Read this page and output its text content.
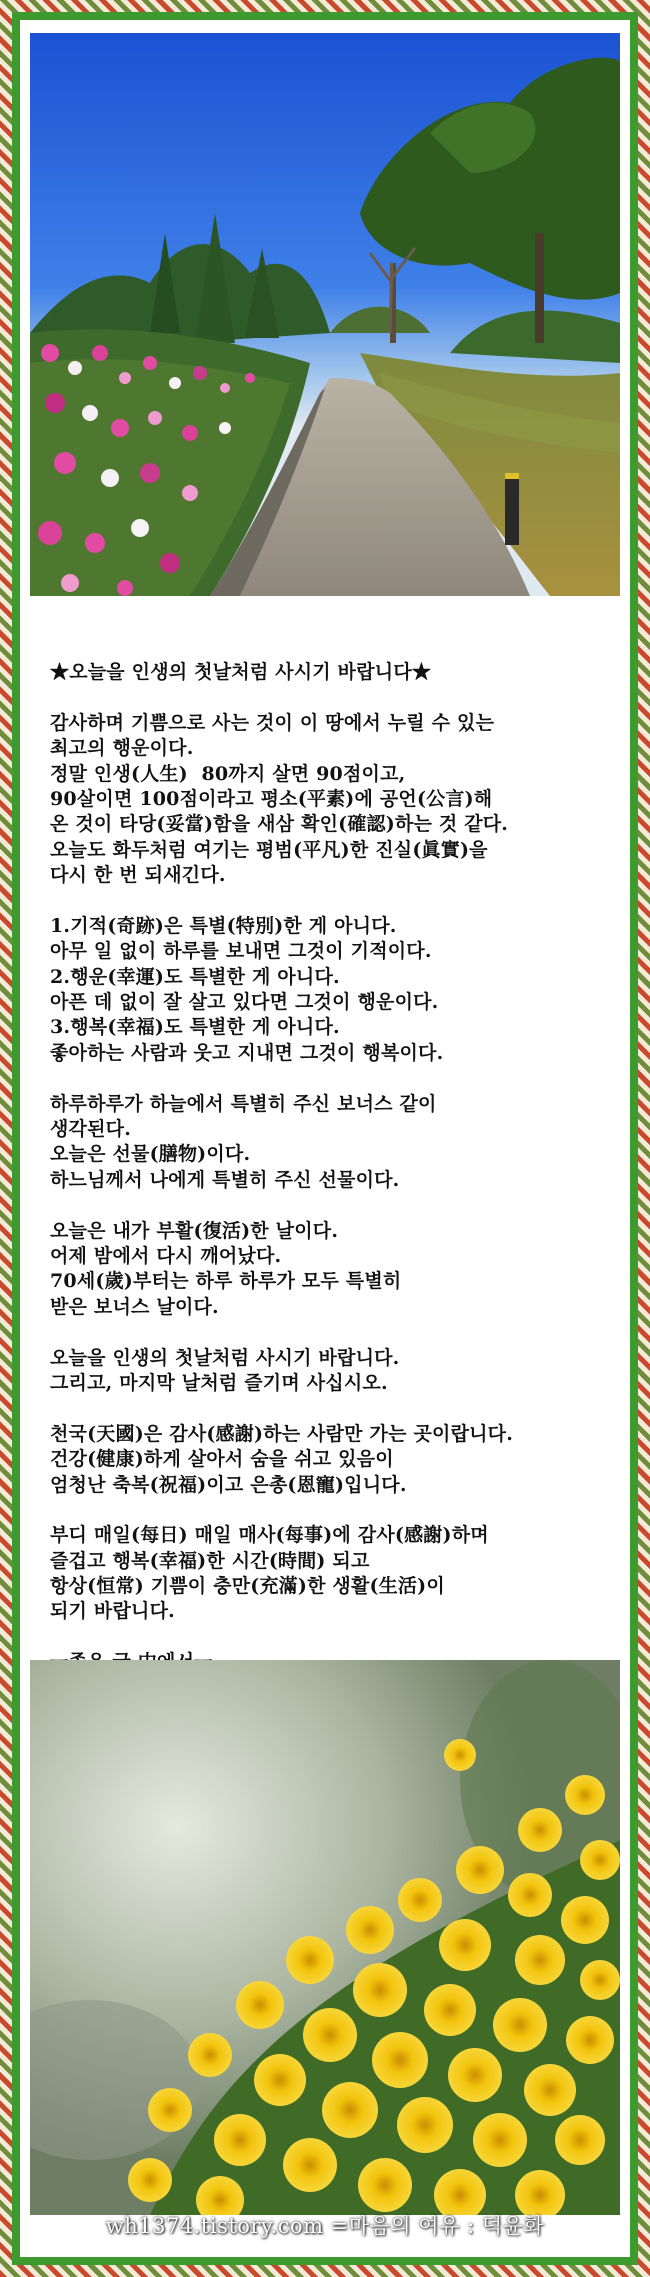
★오늘을 인생의 첫날처럼 사시기 바랍니다★
감사하며 기쁨으로 사는 것이 이 땅에서 누릴 수 있는
최고의 행운이다.
정말 인생(人生)  80까지 살면 90점이고,
90살이면 100점이라고 평소(平素)에 공언(公言)해
온 것이 타당(妥當)함을 새삼 확인(確認)하는 것 같다.
오늘도 화두처럼 여기는 평범(平凡)한 진실(眞實)을
다시 한 번 되새긴다.
1.기적(奇跡)은 특별(特別)한 게 아니다.
아무 일 없이 하루를 보내면 그것이 기적이다.
2.행운(幸運)도 특별한 게 아니다.
아픈 데 없이 잘 살고 있다면 그것이 행운이다.
3.행복(幸福)도 특별한 게 아니다.
좋아하는 사람과 웃고 지내면 그것이 행복이다.
하루하루가 하늘에서 특별히 주신 보너스 같이
생각된다.
오늘은 선물(膳物)이다.
하느님께서 나에게 특별히 주신 선물이다.
오늘은 내가 부활(復活)한 날이다.
어제 밤에서 다시 깨어났다.
70세(歲)부터는 하루 하루가 모두 특별히
받은 보너스 날이다.
오늘을 인생의 첫날처럼 사시기 바랍니다.
그리고, 마지막 날처럼 즐기며 사십시오.
천국(天國)은 감사(感謝)하는 사람만 가는 곳이랍니다.
건강(健康)하게 살아서 숨을 쉬고 있음이
엄청난 축복(祝福)이고 은총(恩寵)입니다.
부디 매일(每日) 매일 매사(每事)에 감사(感謝)하며
즐겁고 행복(幸福)한 시간(時間) 되고
항상(恒常) 기쁨이 충만(充滿)한 생활(生活)이
되기 바랍니다.
wh1374.tistory.com =마음의 여유 : 덕윤화
